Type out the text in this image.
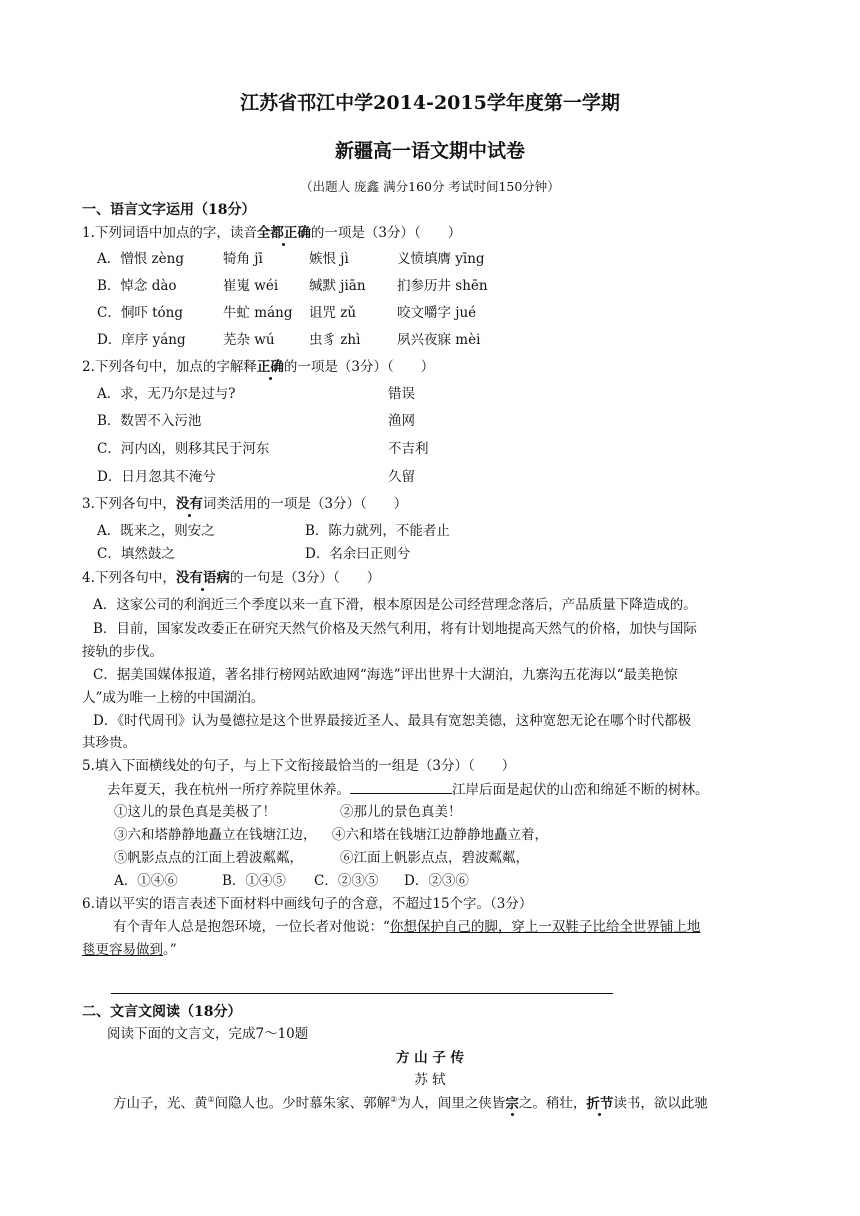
江苏省邗江中学2014-2015学年度第一学期
新疆高一语文期中试卷
（出题人 庞鑫 满分160分 考试时间150分钟）
一、语言文字运用（18分）
1.下列词语中加点的字，读音全都正确的一项是（3分）（　　）
A．憎恨 zèng	犄角 jī	嫉恨 jì	义愤填膺 yīng
B．悼念 dào	崔嵬 wéi 缄默 jiān 扪参历井 shēn
C．恫吓 tóng	牛虻 máng 诅咒 zǔ	咬文嚼字 jué
D．庠序 yáng	芜杂 wú	虫豸 zhì	夙兴夜寐 mèi
2.下列各句中，加点的字解释正确的一项是（3分）（　　）
A．求，无乃尔是过与?	错误
B．数罟不入污池	渔网
C．河内凶，则移其民于河东	不吉利
D．日月忽其不淹兮	久留
3.下列各句中，没有词类活用的一项是（3分）（　　）
A．既来之，则安之	B．陈力就列，不能者止
C．填然鼓之	D．名余曰正则兮
4.下列各句中，没有语病的一句是（3分）（　　）
A．这家公司的利润近三个季度以来一直下滑，根本原因是公司经营理念落后，产品质量下降造成的。
B．目前，国家发改委正在研究天然气价格及天然气利用，将有计划地提高天然气的价格，加快与国际
接轨的步伐。
C．据美国媒体报道，著名排行榜网站欧迪网“海选”评出世界十大湖泊，九寨沟五花海以“最美艳惊
人”成为唯一上榜的中国湖泊。
D．《时代周刊》认为曼德拉是这个世界最接近圣人、最具有宽恕美德，这种宽恕无论在哪个时代都极
其珍贵。
5.填入下面横线处的句子，与上下文衔接最恰当的一组是（3分）（　　）
去年夏天，我在杭州一所疗养院里休养。	江岸后面是起伏的山峦和绵延不断的树林。
①这儿的景色真是美极了！	②那儿的景色真美！
③六和塔静静地矗立在钱塘江边， ④六和塔在钱塘江边静静地矗立着，
⑤帆影点点的江面上碧波粼粼，	⑥江面上帆影点点，碧波粼粼，
A．①④⑥	B．①④⑤ C．②③⑤ D．②③⑥
6.请以平实的语言表述下面材料中画线句子的含意，不超过15个字。（3分）
有个青年人总是抱怨环境，一位长者对他说：“你想保护自己的脚，穿上一双鞋子比给全世界铺上地
毯更容易做到。”
二、文言文阅读（18分）
阅读下面的文言文，完成7～10题
方 山 子 传
苏 轼
方山子，光、黄①间隐人也。少时慕朱家、郭解②为人，闾里之侠皆宗之。稍壮，折节读书，欲以此驰
